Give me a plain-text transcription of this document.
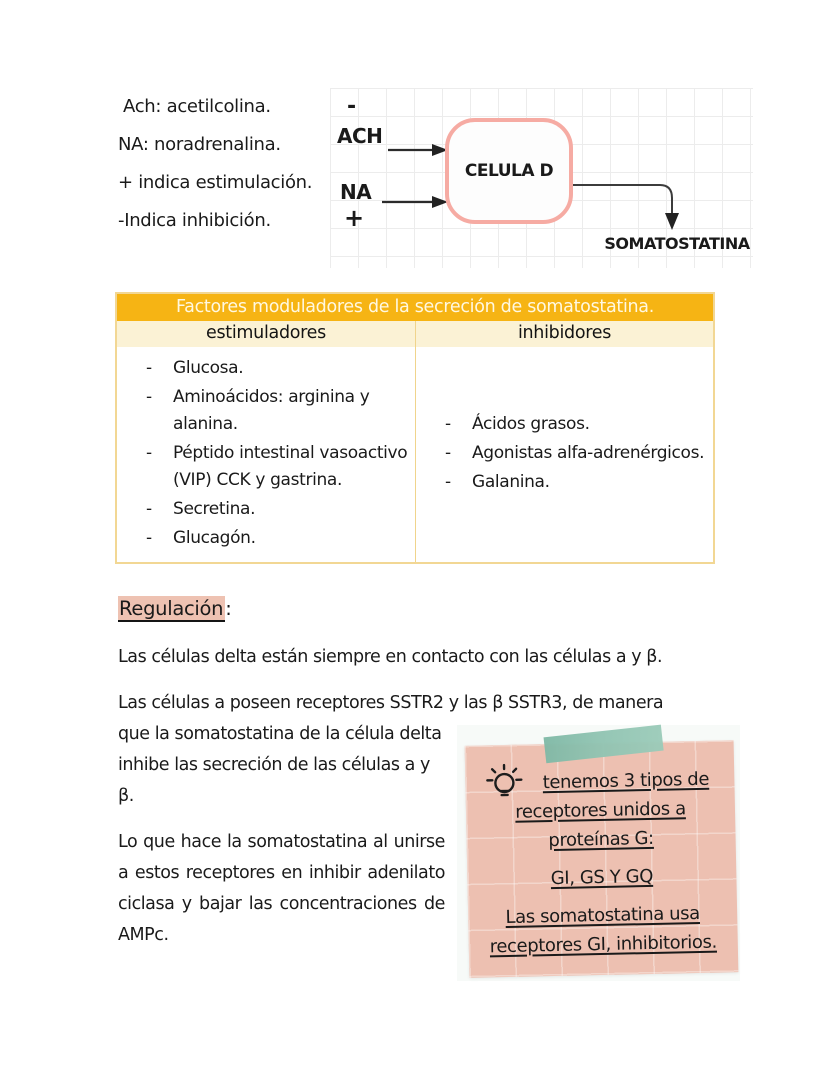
Ach: acetilcolina.
NA: noradrenalina.
+ indica estimulación.
-Indica inhibición.
-
ACH
NA
+
CELULA D
SOMATOSTATINA
Factores moduladores de la secreción de somatostatina.
estimuladores	inhibidores
- Glucosa.
- Aminoácidos: arginina y alanina.
- Péptido intestinal vasoactivo (VIP) CCK y gastrina.
- Secretina.
- Glucagón.
- Ácidos grasos.
- Agonistas alfa-adrenérgicos.
- Galanina.
Regulación :

Las células delta están siempre en contacto con las células a y β.

Las células a poseen receptores SSTR2 y las β SSTR3, de manera
tenemos 3 tipos de
receptores unidos a
proteínas G:
GI, GS Y GQ
Las somatostatina usa
receptores GI, inhibitorios.
que la somatostatina de la célula delta inhibe las secreción de las células a y β.

Lo que hace la somatostatina al unirse a estos receptores en inhibir adenilato ciclasa y bajar las concentraciones de AMPc.
